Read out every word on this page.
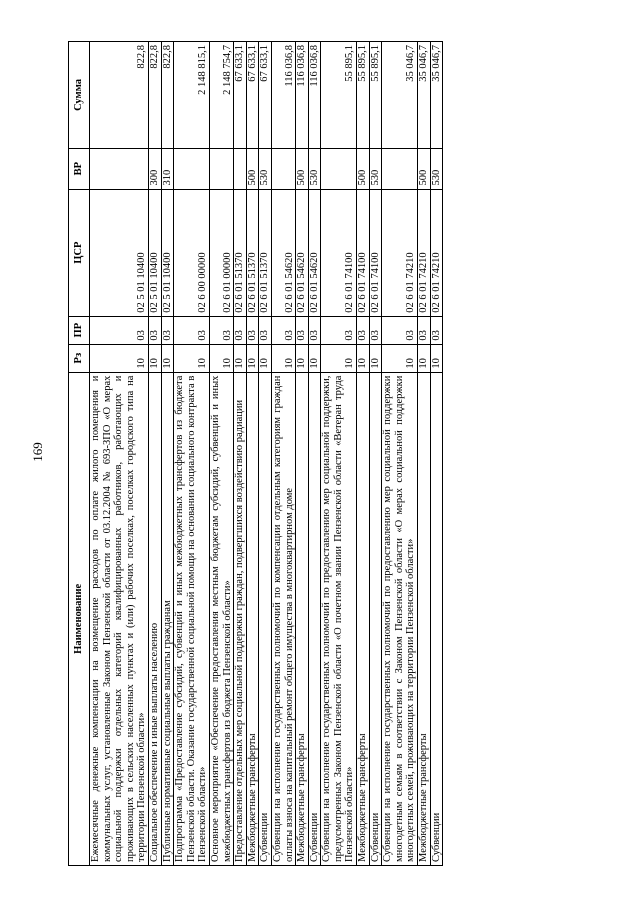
169
Наименование	Рз	ПР	ЦСР	ВР	Сумма
Ежемесячные денежные компенсации на возмещение расходов по оплате жилого помещения и коммунальных услуг, установленные Законом Пензенской области от 03.12.2004 № 693-ЗПО «О мерах социальной поддержки отдельных категорий квалифицированных работников, работающих и проживающих в сельских населенных пунктах и (или) рабочих поселках, поселках городского типа на территории Пензенской области»	10	03	02 5 01 10400		822,8
Социальное обеспечение и иные выплаты населению	10	03	02 5 01 10400	300	822,8
Публичные нормативные социальные выплаты гражданам	10	03	02 5 01 10400	310	822,8
Подпрограмма «Предоставление субсидий, субвенций и иных межбюджетных трансфертов из бюджета Пензенской области. Оказание государственной социальной помощи на основании социального контракта в Пензенской области»	10	03	02 6 00 00000		2 148 815,1
Основное мероприятие «Обеспечение предоставления местным бюджетам субсидий, субвенций и иных межбюджетных трансфертов из бюджета Пензенской области»	10	03	02 6 01 00000		2 148 754,7
Предоставление отдельных мер социальной поддержки граждан, подвергшихся воздействию радиации	10	03	02 6 01 51370		67 633,1
Межбюджетные трансферты	10	03	02 6 01 51370	500	67 633,1
Субвенции	10	03	02 6 01 51370	530	67 633,1
Субвенции на исполнение государственных полномочий по компенсации отдельным категориям граждан оплаты взноса на капитальный ремонт общего имущества в многоквартирном доме	10	03	02 6 01 54620		116 036,8
Межбюджетные трансферты	10	03	02 6 01 54620	500	116 036,8
Субвенции	10	03	02 6 01 54620	530	116 036,8
Субвенции на исполнение государственных полномочий по предоставлению мер социальной поддержки, предусмотренных Законом Пензенской области «О почетном звании Пензенской области «Ветеран труда Пензенской области»	10	03	02 6 01 74100		55 895,1
Межбюджетные трансферты	10	03	02 6 01 74100	500	55 895,1
Субвенции	10	03	02 6 01 74100	530	55 895,1
Субвенции на исполнение государственных полномочий по предоставлению мер социальной поддержки многодетным семьям в соответствии с Законом Пензенской области «О мерах социальной поддержки многодетных семей, проживающих на территории Пензенской области»	10	03	02 6 01 74210		35 046,7
Межбюджетные трансферты	10	03	02 6 01 74210	500	35 046,7
Субвенции	10	03	02 6 01 74210	530	35 046,7
